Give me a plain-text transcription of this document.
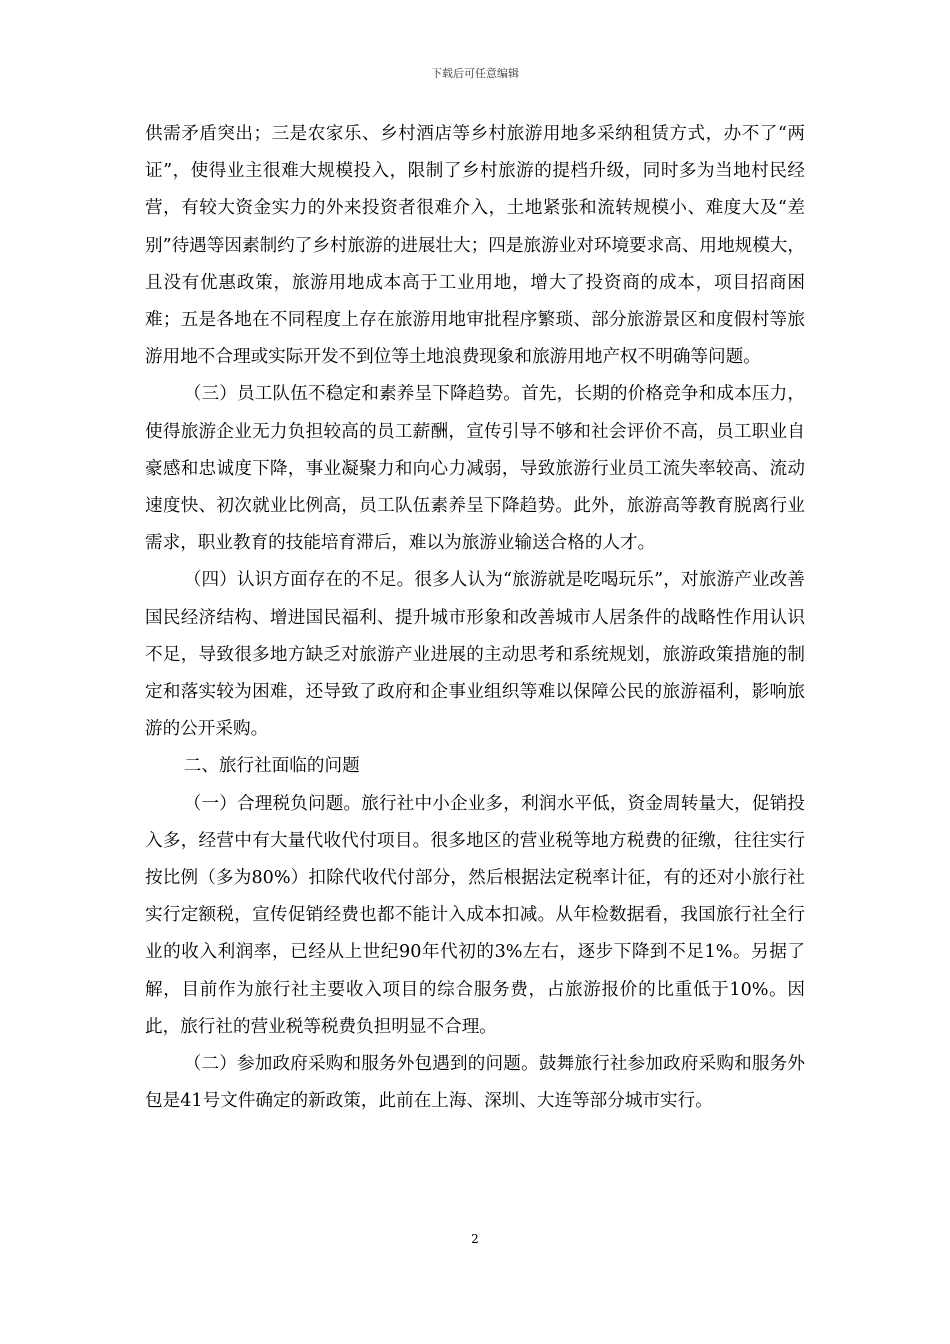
下载后可任意编辑

供需矛盾突出；三是农家乐、乡村酒店等乡村旅游用地多采纳租赁方式，办不了“两证”，使得业主很难大规模投入，限制了乡村旅游的提档升级，同时多为当地村民经营，有较大资金实力的外来投资者很难介入，土地紧张和流转规模小、难度大及“差别”待遇等因素制约了乡村旅游的进展壮大；四是旅游业对环境要求高、用地规模大，且没有优惠政策，旅游用地成本高于工业用地，增大了投资商的成本，项目招商困难；五是各地在不同程度上存在旅游用地审批程序繁琐、部分旅游景区和度假村等旅游用地不合理或实际开发不到位等土地浪费现象和旅游用地产权不明确等问题。

（三）员工队伍不稳定和素养呈下降趋势。首先，长期的价格竞争和成本压力，使得旅游企业无力负担较高的员工薪酬，宣传引导不够和社会评价不高，员工职业自豪感和忠诚度下降，事业凝聚力和向心力减弱，导致旅游行业员工流失率较高、流动速度快、初次就业比例高，员工队伍素养呈下降趋势。此外，旅游高等教育脱离行业需求，职业教育的技能培育滞后，难以为旅游业输送合格的人才。

（四）认识方面存在的不足。很多人认为“旅游就是吃喝玩乐”，对旅游产业改善国民经济结构、增进国民福利、提升城市形象和改善城市人居条件的战略性作用认识不足，导致很多地方缺乏对旅游产业进展的主动思考和系统规划，旅游政策措施的制定和落实较为困难，还导致了政府和企事业组织等难以保障公民的旅游福利，影响旅游的公开采购。

二、旅行社面临的问题

（一）合理税负问题。旅行社中小企业多，利润水平低，资金周转量大，促销投入多，经营中有大量代收代付项目。很多地区的营业税等地方税费的征缴，往往实行按比例（多为80%）扣除代收代付部分，然后根据法定税率计征，有的还对小旅行社实行定额税，宣传促销经费也都不能计入成本扣减。从年检数据看，我国旅行社全行业的收入利润率，已经从上世纪90年代初的3%左右，逐步下降到不足1%。另据了解，目前作为旅行社主要收入项目的综合服务费，占旅游报价的比重低于10%。因此，旅行社的营业税等税费负担明显不合理。

（二）参加政府采购和服务外包遇到的问题。鼓舞旅行社参加政府采购和服务外包是41号文件确定的新政策，此前在上海、深圳、大连等部分城市实行。

2
